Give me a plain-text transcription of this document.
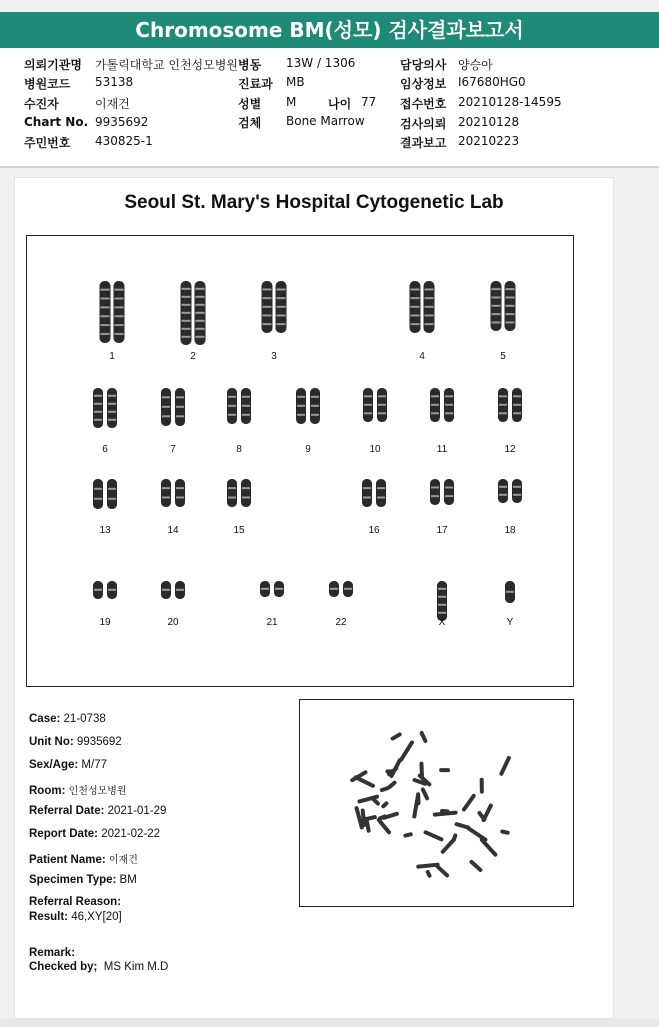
Chromosome BM(성모) 검사결과보고서
의뢰기관명 가톨릭대학교 인천성모병원 병동 13W / 1306	담당의사 양승아
병원코드 53138	진료과 MB	임상정보 I67680HG0
수진자	이재건	성별 M	나이 77 접수번호 20210128-14595
Chart No. 9935692	검체 Bone Marrow	검사의뢰 20210128
주민번호 430825-1	결과보고 20210223
Seoul St. Mary's Hospital Cytogenetic Lab
1	2	3	4	5
6	7	8	9	10	11	12
13	14	15	16	17	18
19	20	21	22	X	Y
Case: 21-0738
Unit No: 9935692
Sex/Age: M/77
Room: 인천성모병원
Referral Date: 2021-01-29
Report Date: 2021-02-22
Patient Name: 이재건
Specimen Type: BM
Referral Reason:
Result: 46,XY[20]
Remark:
Checked by; MS Kim M.D
